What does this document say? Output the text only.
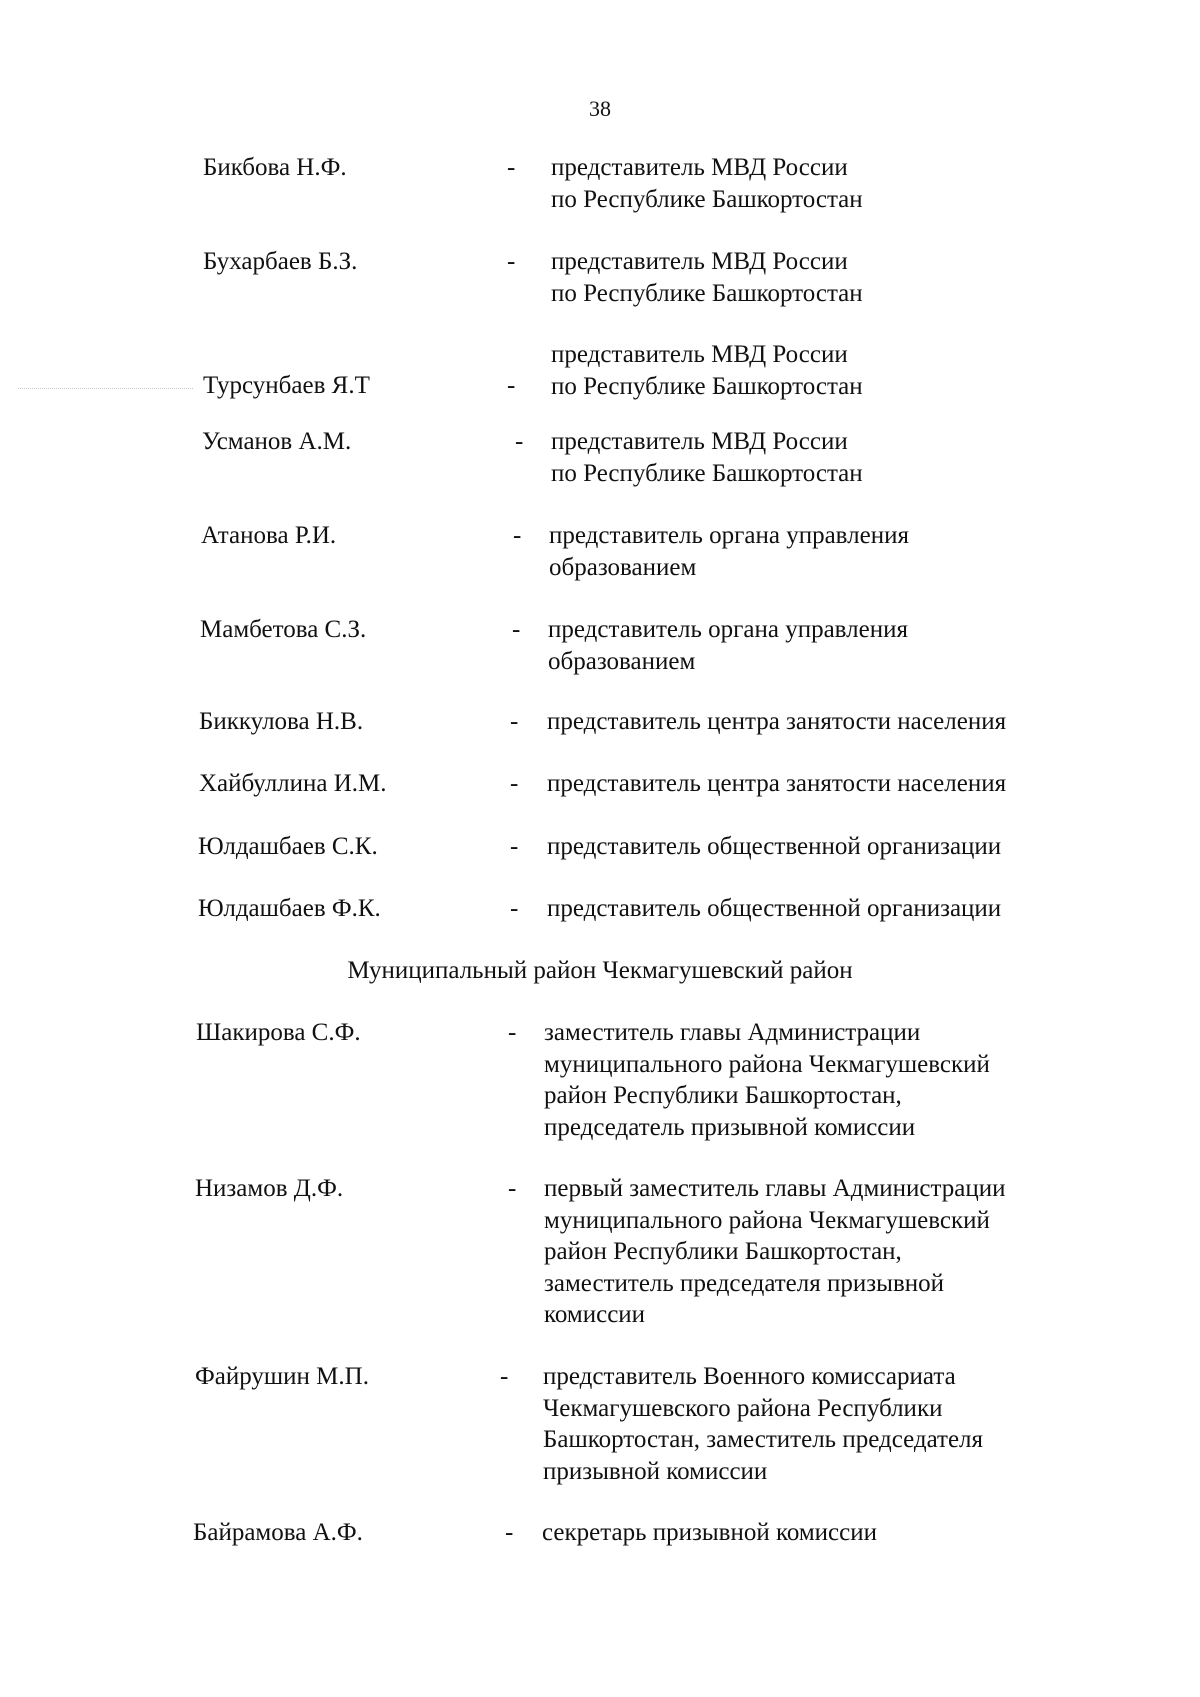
38
Бикбова Н.Ф.	- представитель МВД России
по Республике Башкортостан
Бухарбаев Б.З.	- представитель МВД России
по Республике Башкортостан
Турсунбаев Я.Т	-
представитель МВД России
по Республике Башкортостан
Усманов А.М.	- представитель МВД России
по Республике Башкортостан
Атанова Р.И.	- представитель органа управления
образованием
Мамбетова С.З.	- представитель органа управления
образованием
Биккулова Н.В.	- представитель центра занятости населения
Хайбуллина И.М.	- представитель центра занятости населения
Юлдашбаев С.К.	- представитель общественной организации
Юлдашбаев Ф.К.	- представитель общественной организации
Муниципальный район Чекмагушевский район
Шакирова С.Ф.	- заместитель главы Администрации
муниципального района Чекмагушевский
район Республики Башкортостан,
председатель призывной комиссии
Низамов Д.Ф.	- первый заместитель главы Администрации
муниципального района Чекмагушевский
район Республики Башкортостан,
заместитель председателя призывной
комиссии
Файрушин М.П.	- представитель Военного комиссариата
Чекмагушевского района Республики
Башкортостан, заместитель председателя
призывной комиссии
Байрамова А.Ф.	- секретарь призывной комиссии
